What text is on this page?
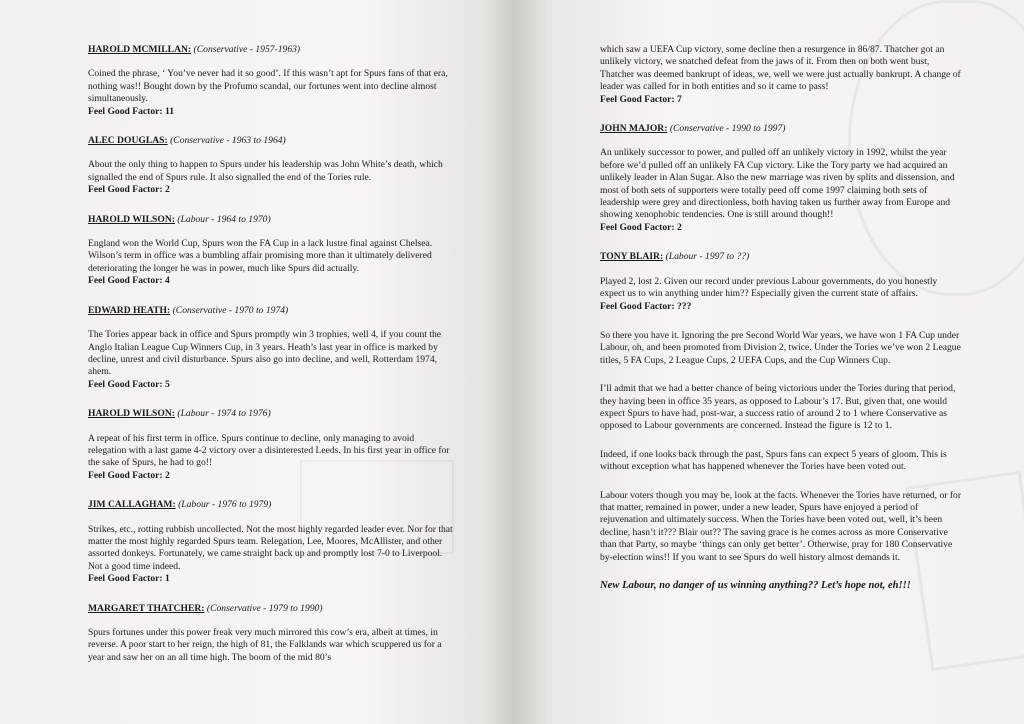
HAROLD MCMILLAN: (Conservative - 1957-1963)

Coined the phrase, ‘ You’ve never had it so good’. If this wasn’t apt for Spurs fans of that era, nothing was!! Bought down by the Profumo scandal, our fortunes went into decline almost simultaneously.

Feel Good Factor: 11

ALEC DOUGLAS: (Conservative - 1963 to 1964)

About the only thing to happen to Spurs under his leadership was John White’s death, which signalled the end of Spurs rule. It also signalled the end of the Tories rule.

Feel Good Factor: 2

HAROLD WILSON: (Labour - 1964 to 1970)

England won the World Cup, Spurs won the FA Cup in a lack lustre final against Chelsea. Wilson’s term in office was a bumbling affair promising more than it ultimately delivered deteriorating the longer he was in power, much like Spurs did actually.

Feel Good Factor: 4

EDWARD HEATH: (Conservative - 1970 to 1974)

The Tories appear back in office and Spurs promptly win 3 trophies, well 4, if you count the Anglo Italian League Cup Winners Cup, in 3 years. Heath’s last year in office is marked by decline, unrest and civil disturbance. Spurs also go into decline, and well, Rotterdam 1974, ahem.

Feel Good Factor: 5

HAROLD WILSON: (Labour - 1974 to 1976)

A repeat of his first term in office. Spurs continue to decline, only managing to avoid relegation with a last game 4-2 victory over a disinterested Leeds. In his first year in office for the sake of Spurs, he had to go!!

Feel Good Factor: 2

JIM CALLAGHAM: (Labour - 1976 to 1979)

Strikes, etc., rotting rubbish uncollected. Not the most highly regarded leader ever. Nor for that matter the most highly regarded Spurs team. Relegation, Lee, Moores, McAllister, and other assorted donkeys. Fortunately, we came straight back up and promptly lost 7-0 to Liverpool. Not a good time indeed.

Feel Good Factor: 1

MARGARET THATCHER: (Conservative - 1979 to 1990)

Spurs fortunes under this power freak very much mirrored this cow’s era, albeit at times, in reverse. A poor start to her reign, the high of 81, the Falklands war which scuppered us for a year and saw her on an all time high. The boom of the mid 80’s

which saw a UEFA Cup victory, some decline then a resurgence in 86/87. Thatcher got an unlikely victory, we snatched defeat from the jaws of it. From then on both went bust, Thatcher was deemed bankrupt of ideas, we, well we were just actually bankrupt. A change of leader was called for in both entities and so it came to pass!

Feel Good Factor: 7

JOHN MAJOR: (Conservative - 1990 to 1997)

An unlikely successor to power, and pulled off an unlikely victory in 1992, whilst the year before we’d pulled off an unlikely FA Cup victory. Like the Tory party we had acquired an unlikely leader in Alan Sugar. Also the new marriage was riven by splits and dissension, and most of both sets of supporters were totally peed off come 1997 claiming both sets of leadership were grey and directionless, both having taken us further away from Europe and showing xenophobic tendencies. One is still around though!!

Feel Good Factor: 2

TONY BLAIR: (Labour - 1997 to ??)

Played 2, lost 2. Given our record under previous Labour governments, do you honestly expect us to win anything under him?? Especially given the current state of affairs.

Feel Good Factor: ???

So there you have it. Ignoring the pre Second World War years, we have won 1 FA Cup under Labour, oh, and been promoted from Division 2, twice. Under the Tories we’ve won 2 League titles, 5 FA Cups, 2 League Cups, 2 UEFA Cups, and the Cup Winners Cup.

I’ll admit that we had a better chance of being victorious under the Tories during that period, they having been in office 35 years, as opposed to Labour’s 17. But, given that, one would expect Spurs to have had, post-war, a success ratio of around 2 to 1 where Conservative as opposed to Labour governments are concerned. Instead the figure is 12 to 1.

Indeed, if one looks back through the past, Spurs fans can expect 5 years of gloom. This is without exception what has happened whenever the Tories have been voted out.

Labour voters though you may be, look at the facts. Whenever the Tories have returned, or for that matter, remained in power, under a new leader, Spurs have enjoyed a period of rejuvenation and ultimately success. When the Tories have been voted out, well, it’s been decline, hasn’t it??? Blair out?? The saving grace is he comes across as more Conservative than that Party, so maybe ‘things can only get better’. Otherwise, pray for 180 Conservative by-election wins!! If you want to see Spurs do well history almost demands it.

New Labour, no danger of us winning anything?? Let’s hope not, eh!!!
